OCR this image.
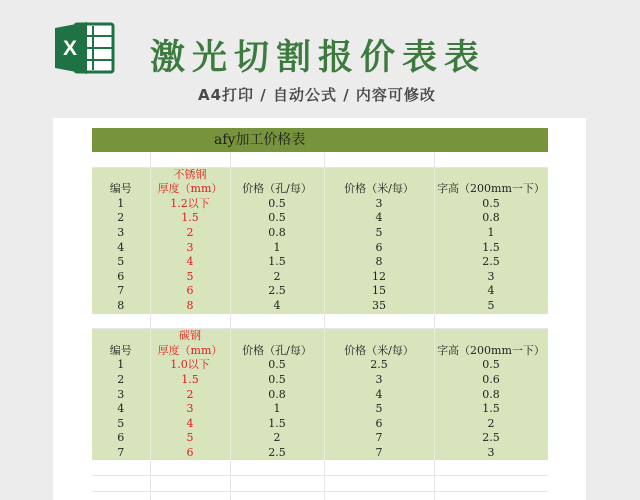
X 激光切割报价表表
A4打印 / 自动公式 / 内容可修改
afy加工价格表				

	不锈钢			
编号	厚度（mm）	价格（孔/每）	价格（米/每）	字高（200mm一下）
1	1.2以下	0.5	3	0.5
2	1.5	0.5	4	0.8
3	2	0.8	5	1
4	3	1	6	1.5
5	4	1.5	8	2.5
6	5	2	12	3
7	6	2.5	15	4
8	8	4	35	5

	碳钢			
编号	厚度（mm）	价格（孔/每）	价格（米/每）	字高（200mm一下）
1	1.0以下	0.5	2.5	0.5
2	1.5	0.5	3	0.6
3	2	0.8	4	0.8
4	3	1	5	1.5
5	4	1.5	6	2
6	5	2	7	2.5
7	6	2.5	7	3
